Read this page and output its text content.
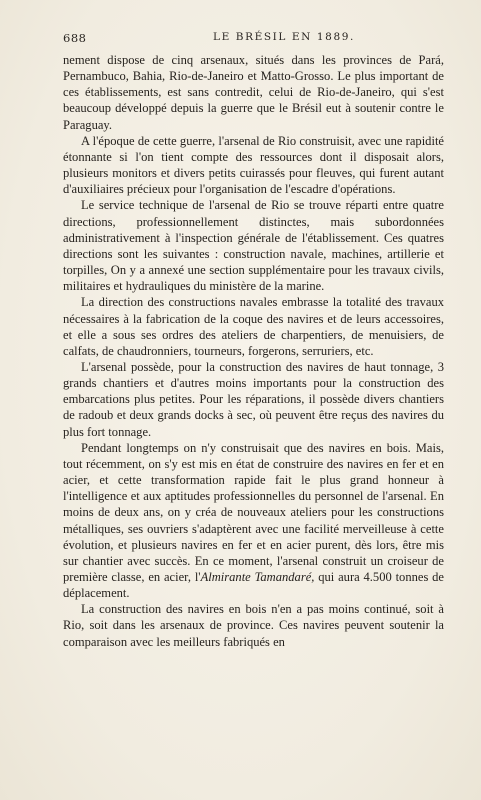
688	LE BRÉSIL EN 1889.

nement dispose de cinq arsenaux, situés dans les provinces de Pará, Pernambuco, Bahia, Rio-de-Janeiro et Matto-Grosso. Le plus important de ces établissements, est sans contredit, celui de Rio-de-Janeiro, qui s'est beaucoup développé depuis la guerre que le Brésil eut à soutenir contre le Paraguay.

A l'époque de cette guerre, l'arsenal de Rio construisit, avec une rapidité étonnante si l'on tient compte des ressources dont il disposait alors, plusieurs monitors et divers petits cuirassés pour fleuves, qui furent autant d'auxiliaires précieux pour l'organisation de l'escadre d'opérations.

Le service technique de l'arsenal de Rio se trouve réparti entre quatre directions, professionnellement distinctes, mais subordonnées administrativement à l'inspection générale de l'établissement. Ces quatres directions sont les suivantes : construction navale, machines, artillerie et torpilles, On y a annexé une section supplémentaire pour les travaux civils, militaires et hydrauliques du ministère de la marine.

La direction des constructions navales embrasse la totalité des travaux nécessaires à la fabrication de la coque des navires et de leurs accessoires, et elle a sous ses ordres des ateliers de charpentiers, de menuisiers, de calfats, de chaudronniers, tourneurs, forgerons, serruriers, etc.

L'arsenal possède, pour la construction des navires de haut tonnage, 3 grands chantiers et d'autres moins importants pour la construction des embarcations plus petites. Pour les réparations, il possède divers chantiers de radoub et deux grands docks à sec, où peuvent être reçus des navires du plus fort tonnage.

Pendant longtemps on n'y construisait que des navires en bois. Mais, tout récemment, on s'y est mis en état de construire des navires en fer et en acier, et cette transformation rapide fait le plus grand honneur à l'intelligence et aux aptitudes professionnelles du personnel de l'arsenal. En moins de deux ans, on y créa de nouveaux ateliers pour les constructions métalliques, ses ouvriers s'adaptèrent avec une facilité merveilleuse à cette évolution, et plusieurs navires en fer et en acier purent, dès lors, être mis sur chantier avec succès. En ce moment, l'arsenal construit un croiseur de première classe, en acier, l'Almirante Tamandaré, qui aura 4.500 tonnes de déplacement.

La construction des navires en bois n'en a pas moins continué, soit à Rio, soit dans les arsenaux de province. Ces navires peuvent soutenir la comparaison avec les meilleurs fabriqués en
